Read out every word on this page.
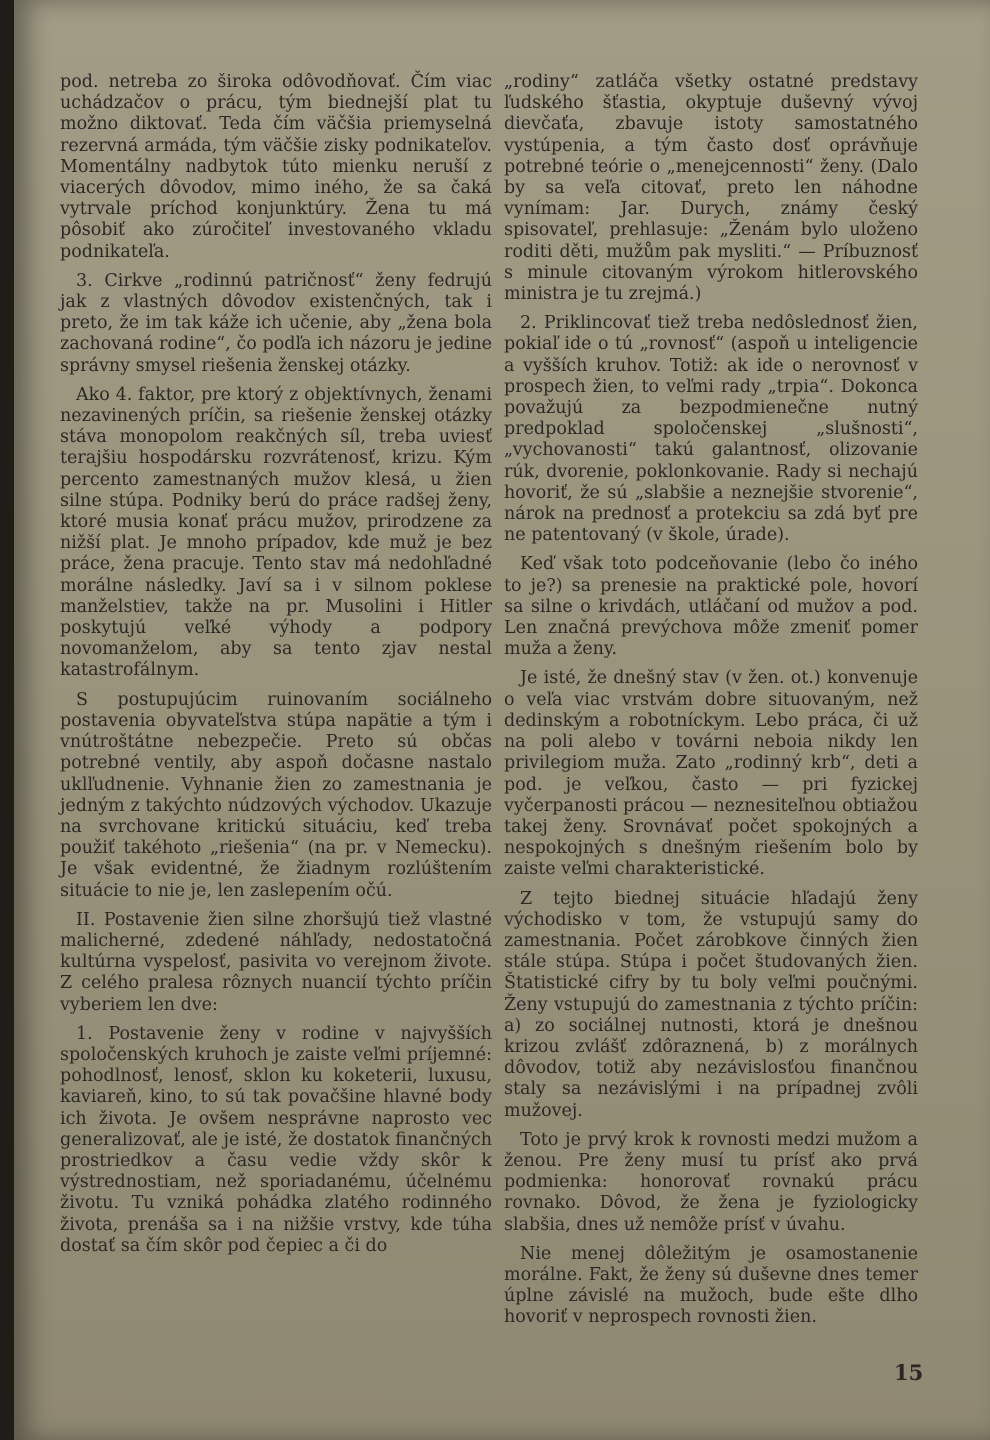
pod. netreba zo široka odôvodňovať. Čím viac uchádzačov o prácu, tým biednejší plat tu možno diktovať. Teda čím väčšia priemyselná rezervná armáda, tým väčšie zisky podnikateľov. Momentálny nadbytok túto mienku neruší z viacerých dôvodov, mimo iného, že sa čaká vytrvale príchod konjunktúry. Žena tu má pôsobiť ako zúročiteľ investovaného vkladu podnikateľa.

3. Cirkve „rodinnú patričnosť“ ženy fedrujú jak z vlastných dôvodov existenčných, tak i preto, že im tak káže ich učenie, aby „žena bola zachovaná rodine“, čo podľa ich názoru je jedine správny smysel riešenia ženskej otázky.

Ako 4. faktor, pre ktorý z objektívnych, ženami nezavinených príčin, sa riešenie ženskej otázky stáva monopolom reakčných síl, treba uviesť terajšiu hospodársku rozvrátenosť, krizu. Kým percento zamestnaných mužov klesá, u žien silne stúpa. Podniky berú do práce radšej ženy, ktoré musia konať prácu mužov, prirodzene za nižší plat. Je mnoho prípadov, kde muž je bez práce, žena pracuje. Tento stav má nedohľadné morálne následky. Javí sa i v silnom poklese manželstiev, takže na pr. Musolini i Hitler poskytujú veľké výhody a podpory novomanželom, aby sa tento zjav nestal katastrofálnym.

S postupujúcim ruinovaním sociálneho postavenia obyvateľstva stúpa napätie a tým i vnútroštátne nebezpečie. Preto sú občas potrebné ventily, aby aspoň dočasne nastalo uklľudnenie. Vyhnanie žien zo zamestnania je jedným z takýchto núdzových východov. Ukazuje na svrchovane kritickú situáciu, keď treba použiť takéhoto „riešenia“ (na pr. v Nemecku). Je však evidentné, že žiadnym rozlúštením situácie to nie je, len zaslepením očú.

II. Postavenie žien silne zhoršujú tiež vlastné malicherné, zdedené náhľady, nedostatočná kultúrna vyspelosť, pasivita vo verejnom živote. Z celého pralesa rôznych nuancií týchto príčin vyberiem len dve:

1. Postavenie ženy v rodine v najvyšších spoločenských kruhoch je zaiste veľmi príjemné: pohodlnosť, lenosť, sklon ku koketerii, luxusu, kaviareň, kino, to sú tak povačšine hlavné body ich života. Je ovšem nesprávne naprosto vec generalizovať, ale je isté, že dostatok finančných prostriedkov a času vedie vždy skôr k výstrednostiam, než sporiadanému, účelnému životu. Tu vzniká pohádka zlatého rodinného života, prenáša sa i na nižšie vrstvy, kde túha dostať sa čím skôr pod čepiec a či do

„rodiny“ zatláča všetky ostatné predstavy ľudského šťastia, okyptuje duševný vývoj dievčaťa, zbavuje istoty samostatného vystúpenia, a tým často dosť oprávňuje potrebné teórie o „menejcennosti“ ženy. (Dalo by sa veľa citovať, preto len náhodne vynímam: Jar. Durych, známy český spisovateľ, prehlasuje: „Ženám bylo uloženo roditi děti, mužům pak mysliti.“ — Príbuznosť s minule citovaným výrokom hitlerovského ministra je tu zrejmá.)

2. Priklincovať tiež treba nedôslednosť žien, pokiaľ ide o tú „rovnosť“ (aspoň u inteligencie a vyšších kruhov. Totiž: ak ide o nerovnosť v prospech žien, to veľmi rady „trpia“. Dokonca považujú za bezpodmienečne nutný predpoklad spoločenskej „slušnosti“, „vychovanosti“ takú galantnosť, olizovanie rúk, dvorenie, poklonkovanie. Rady si nechajú hovoriť, že sú „slabšie a neznejšie stvorenie“, nárok na prednosť a protekciu sa zdá byť pre ne patentovaný (v škole, úrade).

Keď však toto podceňovanie (lebo čo iného to je?) sa prenesie na praktické pole, hovorí sa silne o krivdách, utláčaní od mužov a pod. Len značná prevýchova môže zmeniť pomer muža a ženy.

Je isté, že dnešný stav (v žen. ot.) konvenuje o veľa viac vrstvám dobre situovaným, než dedinským a robotníckym. Lebo práca, či už na poli alebo v továrni neboia nikdy len privilegiom muža. Zato „rodinný krb“, deti a pod. je veľkou, často — pri fyzickej vyčerpanosti prácou — neznesiteľnou obtiažou takej ženy. Srovnávať počet spokojných a nespokojných s dnešným riešením bolo by zaiste veľmi charakteristické.

Z tejto biednej situácie hľadajú ženy východisko v tom, že vstupujú samy do zamestnania. Počet zárobkove činných žien stále stúpa. Stúpa i počet študovaných žien. Štatistické cifry by tu boly veľmi poučnými. Ženy vstupujú do zamestnania z týchto príčin: a) zo sociálnej nutnosti, ktorá je dnešnou krizou zvlášť zdôraznená, b) z morálnych dôvodov, totiž aby nezávislosťou finančnou staly sa nezávislými i na prípadnej zvôli mužovej.

Toto je prvý krok k rovnosti medzi mužom a ženou. Pre ženy musí tu prísť ako prvá podmienka: honorovať rovnakú prácu rovnako. Dôvod, že žena je fyziologicky slabšia, dnes už nemôže prísť v úvahu.

Nie menej dôležitým je osamostanenie morálne. Fakt, že ženy sú duševne dnes temer úplne závislé na mužoch, bude ešte dlho hovoriť v neprospech rovnosti žien.

15
